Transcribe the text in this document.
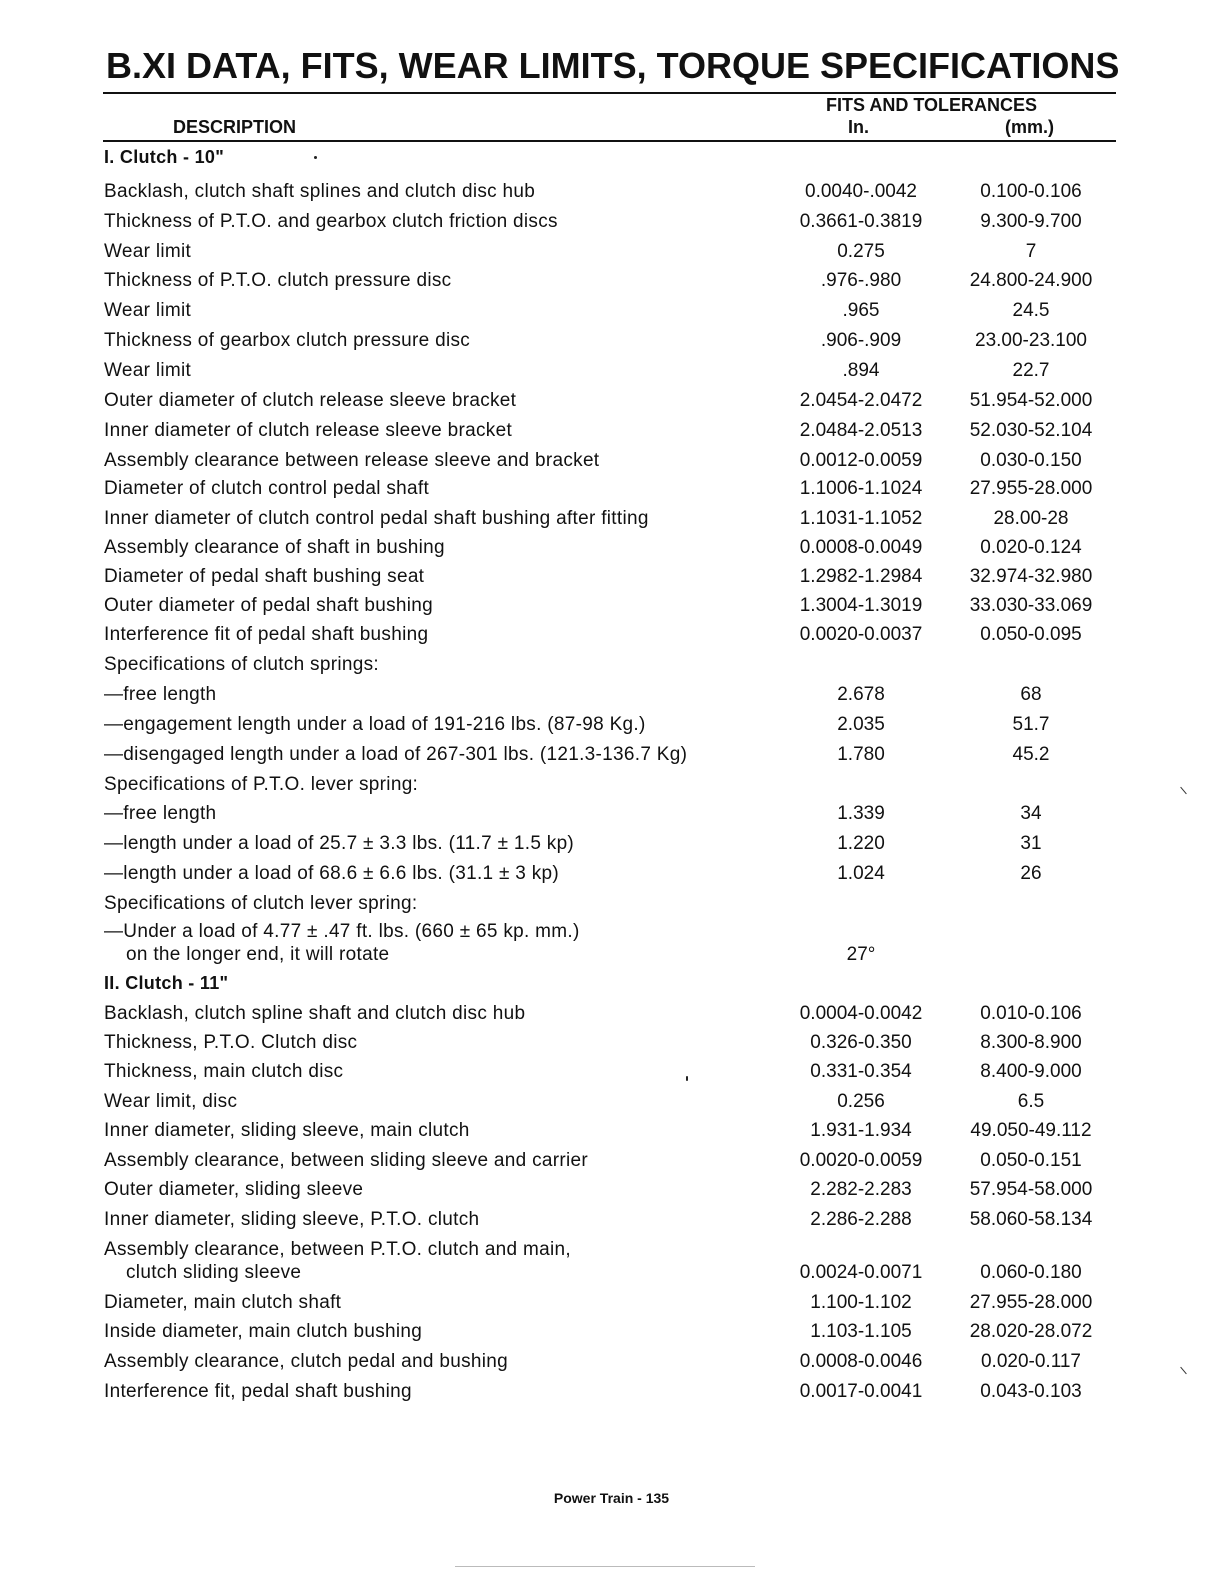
B.XI DATA, FITS, WEAR LIMITS, TORQUE SPECIFICATIONS
FITS AND TOLERANCES
DESCRIPTION	In.	(mm.)
I. Clutch - 10"
Backlash, clutch shaft splines and clutch disc hub	0.0040-.0042	0.100-0.106
Thickness of P.T.O. and gearbox clutch friction discs	0.3661-0.3819	9.300-9.700
Wear limit	0.275	7
Thickness of P.T.O. clutch pressure disc	.976-.980	24.800-24.900
Wear limit	.965	24.5
Thickness of gearbox clutch pressure disc	.906-.909	23.00-23.100
Wear limit	.894	22.7
Outer diameter of clutch release sleeve bracket	2.0454-2.0472	51.954-52.000
Inner diameter of clutch release sleeve bracket	2.0484-2.0513	52.030-52.104
Assembly clearance between release sleeve and bracket	0.0012-0.0059	0.030-0.150
Diameter of clutch control pedal shaft	1.1006-1.1024	27.955-28.000
Inner diameter of clutch control pedal shaft bushing after fitting	1.1031-1.1052	28.00-28
Assembly clearance of shaft in bushing	0.0008-0.0049	0.020-0.124
Diameter of pedal shaft bushing seat	1.2982-1.2984	32.974-32.980
Outer diameter of pedal shaft bushing	1.3004-1.3019	33.030-33.069
Interference fit of pedal shaft bushing	0.0020-0.0037	0.050-0.095
Specifications of clutch springs:
—free length	2.678	68
—engagement length under a load of 191-216 lbs. (87-98 Kg.)	2.035	51.7
—disengaged length under a load of 267-301 lbs. (121.3-136.7 Kg)	1.780	45.2
Specifications of P.T.O. lever spring:
—free length	1.339	34
—length under a load of 25.7 ± 3.3 lbs. (11.7 ± 1.5 kp)	1.220	31
—length under a load of 68.6 ± 6.6 lbs. (31.1 ± 3 kp)	1.024	26
Specifications of clutch lever spring:
—Under a load of 4.77 ± .47 ft. lbs. (660 ± 65 kp. mm.)
on the longer end, it will rotate	27°
II. Clutch - 11"
Backlash, clutch spline shaft and clutch disc hub	0.0004-0.0042	0.010-0.106
Thickness, P.T.O. Clutch disc	0.326-0.350	8.300-8.900
Thickness, main clutch disc	0.331-0.354	8.400-9.000
Wear limit, disc	0.256	6.5
Inner diameter, sliding sleeve, main clutch	1.931-1.934	49.050-49.112
Assembly clearance, between sliding sleeve and carrier	0.0020-0.0059	0.050-0.151
Outer diameter, sliding sleeve	2.282-2.283	57.954-58.000
Inner diameter, sliding sleeve, P.T.O. clutch	2.286-2.288	58.060-58.134
Assembly clearance, between P.T.O. clutch and main,
clutch sliding sleeve	0.0024-0.0071	0.060-0.180
Diameter, main clutch shaft	1.100-1.102	27.955-28.000
Inside diameter, main clutch bushing	1.103-1.105	28.020-28.072
Assembly clearance, clutch pedal and bushing	0.0008-0.0046	0.020-0.117
Interference fit, pedal shaft bushing	0.0017-0.0041	0.043-0.103
Power Train - 135
